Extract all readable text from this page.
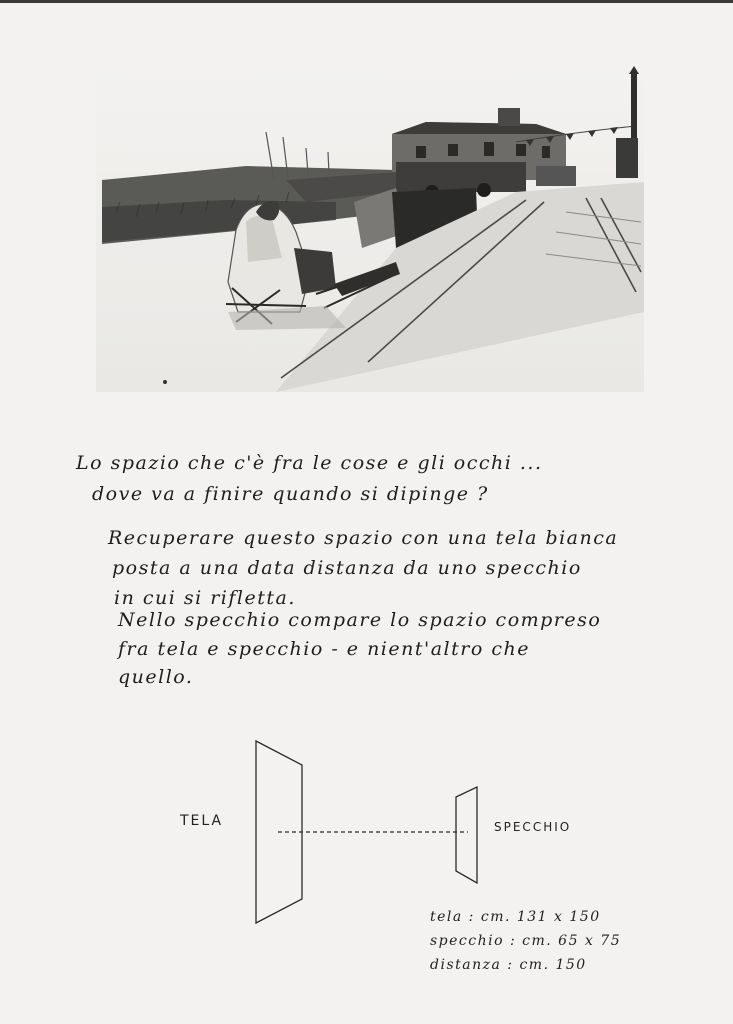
Lo spazio che c'è fra le cose e gli occhi ...
dove va a finire quando si dipinge ?
Recuperare questo spazio con una tela bianca
posta a una data distanza da uno specchio
in cui si rifletta.
Nello specchio compare lo spazio compreso
fra tela e specchio - e nient'altro che
quello.
TELA	SPECCHIO
tela : cm. 131 x 150
specchio : cm. 65 x 75
distanza : cm. 150
